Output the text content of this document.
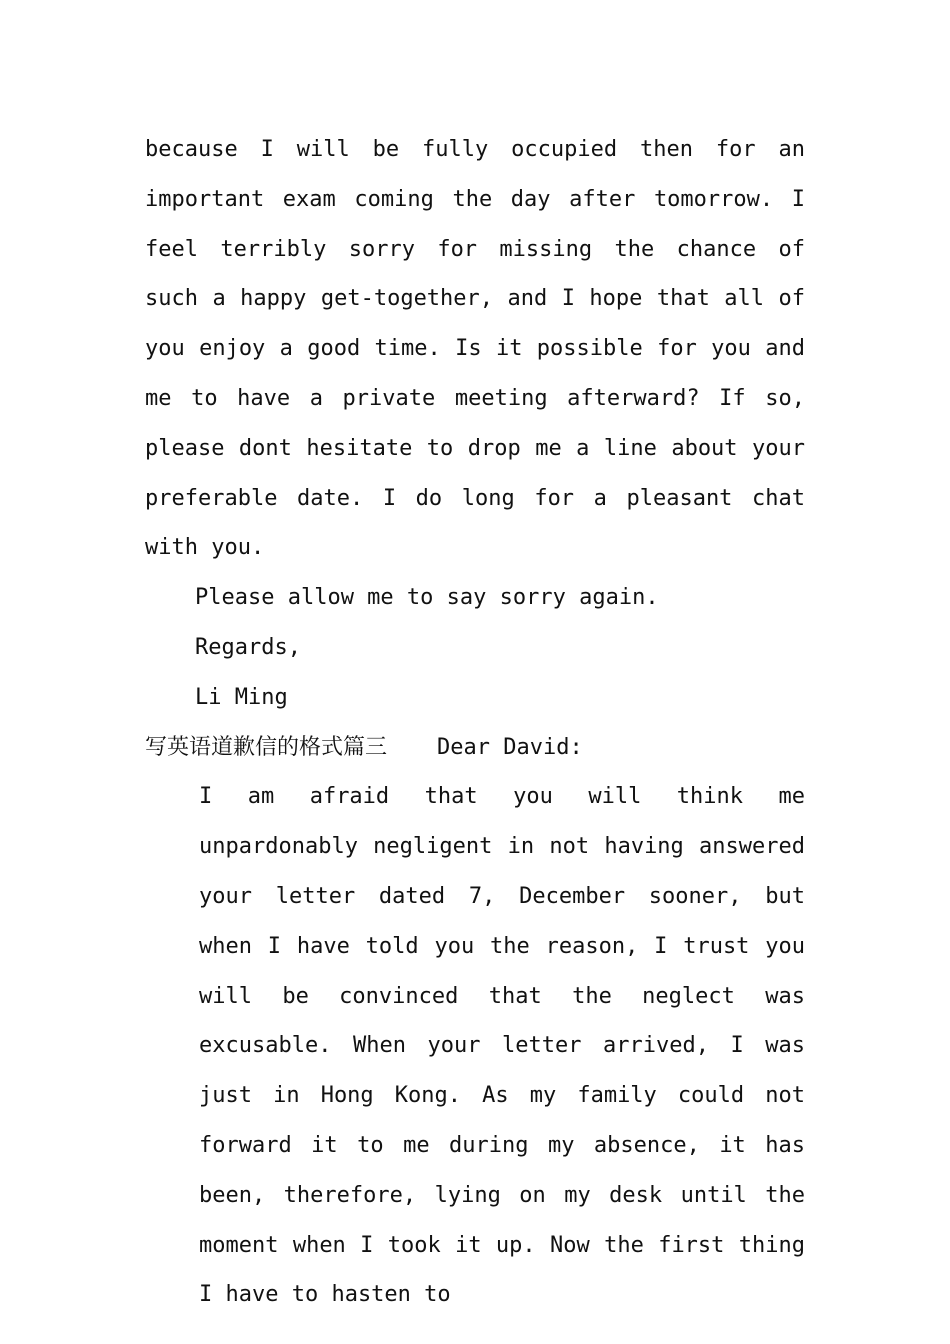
because I will be fully occupied then for an important exam coming the day after tomorrow. I feel terribly sorry for missing the chance of such a happy get-together, and I hope that all of you enjoy a good time. Is it possible for you and me to have a private meeting afterward? If so, please dont hesitate to drop me a line about your preferable date. I do long for a pleasant chat with you.

Please allow me to say sorry again.

Regards,

Li Ming

写英语道歉信的格式篇三 Dear David:

I am afraid that you will think me unpardonably negligent in not having answered your letter dated 7, December sooner, but when I have told you the reason, I trust you will be convinced that the neglect was excusable. When your letter arrived, I was just in Hong Kong. As my family could not forward it to me during my absence, it has been, therefore, lying on my desk until the moment when I took it up. Now the first thing I have to hasten to
